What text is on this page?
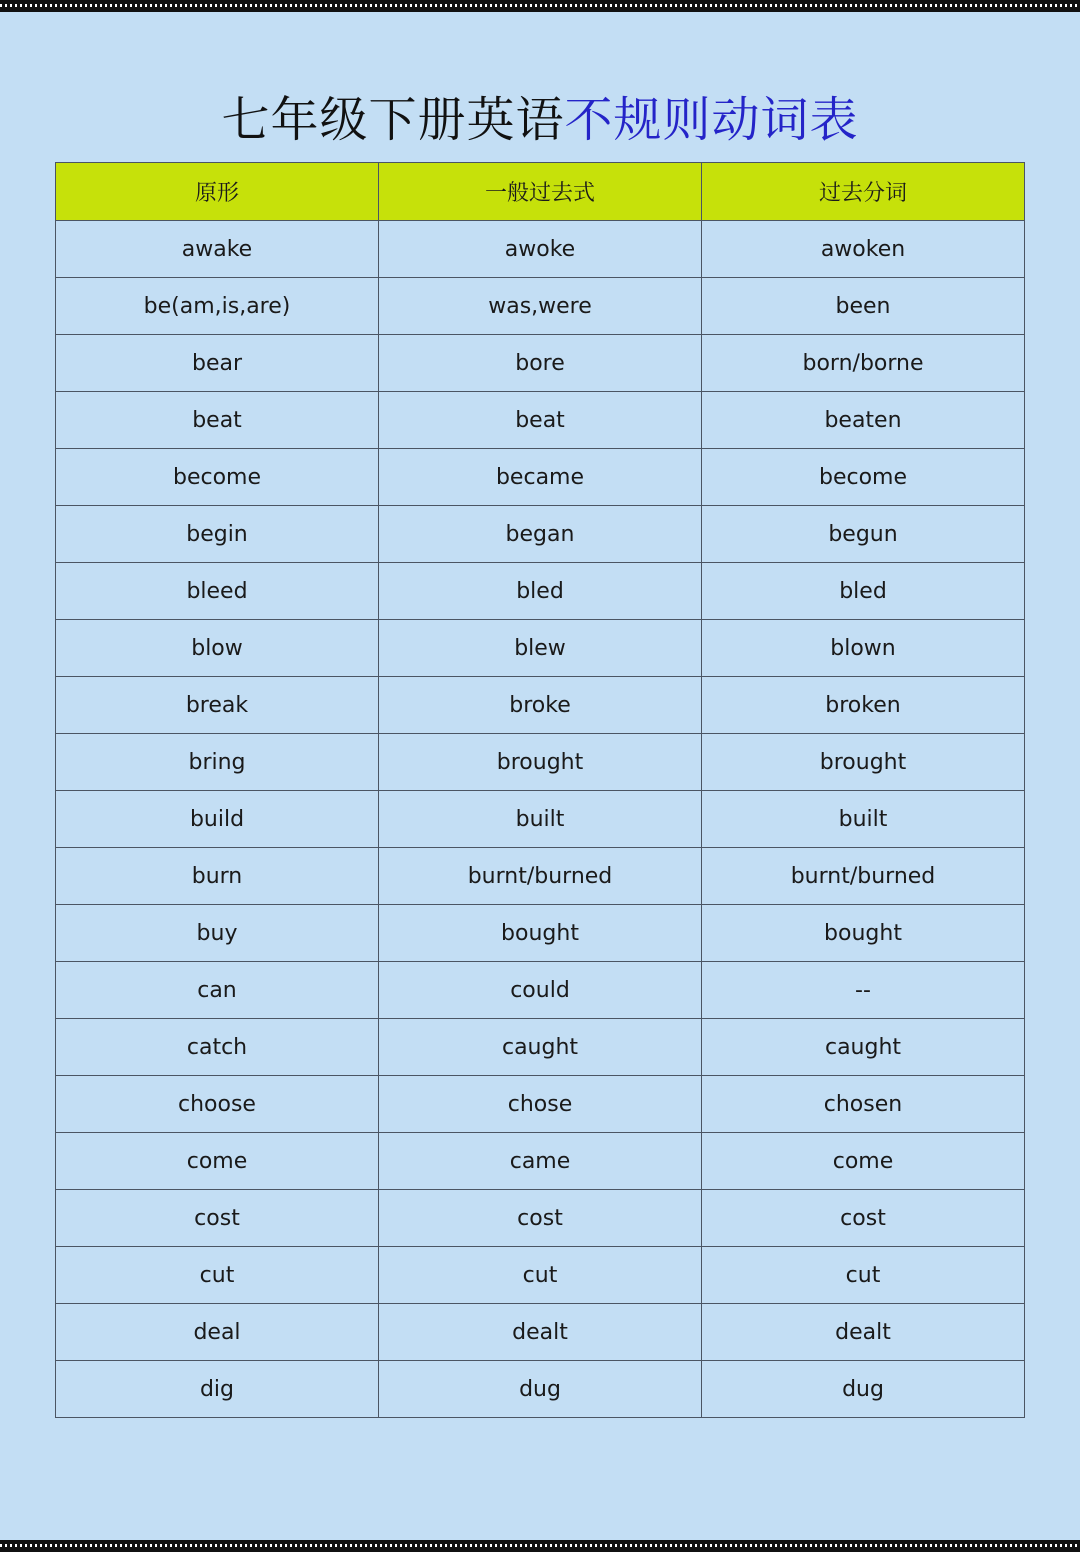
七年级下册英语不规则动词表
原形	一般过去式	过去分词
awake	awoke	awoken
be(am,is,are)	was,were	been
bear	bore	born/borne
beat	beat	beaten
become	became	become
begin	began	begun
bleed	bled	bled
blow	blew	blown
break	broke	broken
bring	brought	brought
build	built	built
burn	burnt/burned	burnt/burned
buy	bought	bought
can	could	--
catch	caught	caught
choose	chose	chosen
come	came	come
cost	cost	cost
cut	cut	cut
deal	dealt	dealt
dig	dug	dug
